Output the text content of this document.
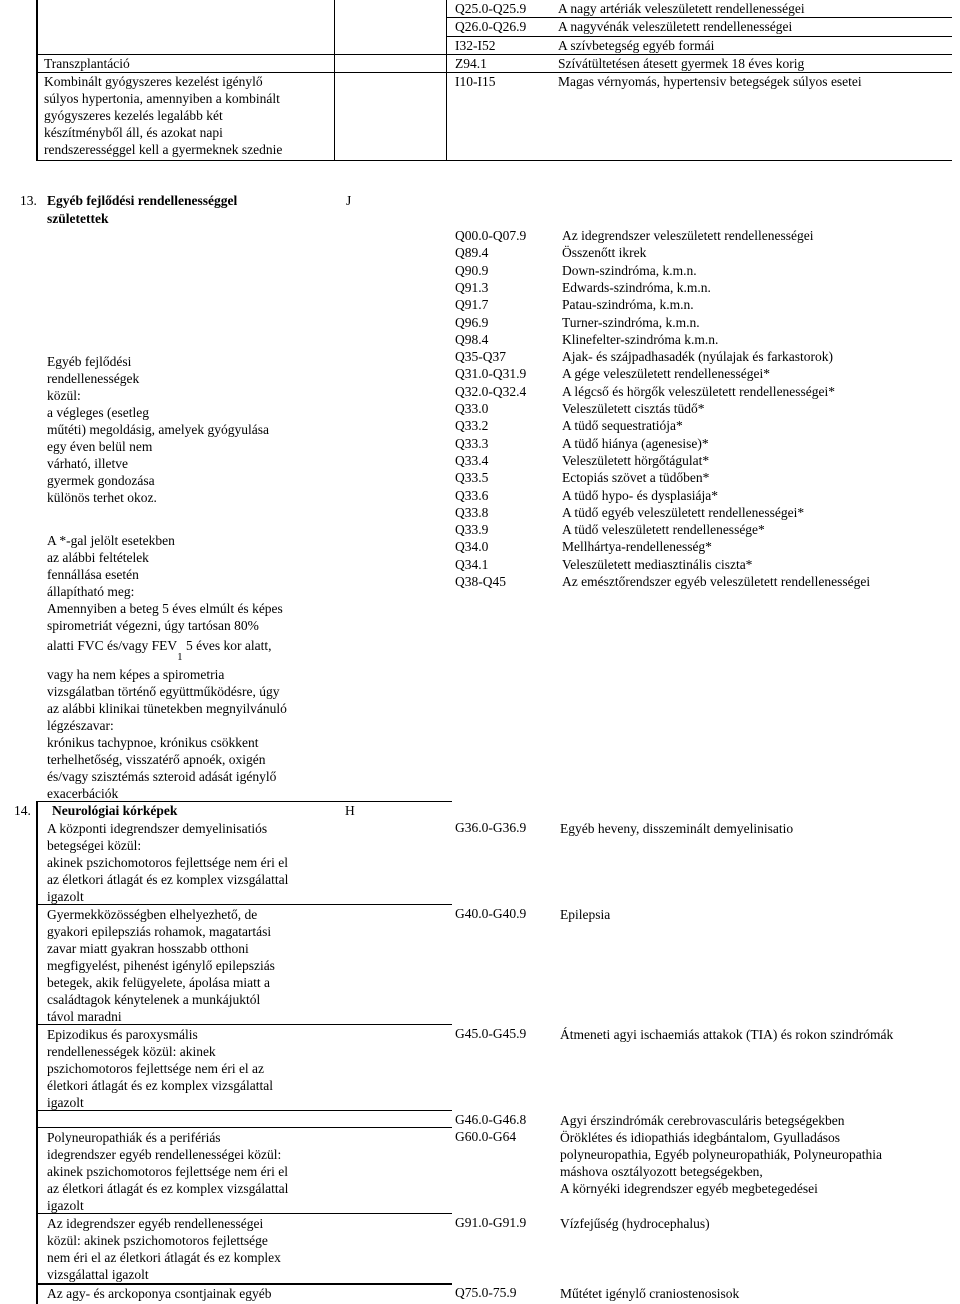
Q25.0-Q25.9 A nagy artériák veleszületett rendellenességei
Q26.0-Q26.9 A nagyvénák veleszületett rendellenességei
I32-I52	A szívbetegség egyéb formái
Transzplantáció	Z94.1	Szívátültetésen átesett gyermek 18 éves korig
Kombinált gyógyszeres kezelést igénylő
súlyos hypertonia, amennyiben a kombinált
gyógyszeres kezelés legalább két
készítményből áll, és azokat napi
rendszerességgel kell a gyermeknek szednie
I10-I15	Magas vérnyomás, hypertensiv betegségek súlyos esetei
13. Egyéb fejlődési rendellenességgel
születettek
J
Egyéb fejlődési
rendellenességek
közül:
a végleges (esetleg
műtéti) megoldásig, amelyek gyógyulása
egy éven belül nem
várható, illetve
gyermek gondozása
különös terhet okoz.
A *-gal jelölt esetekben
az alábbi feltételek
fennállása esetén
állapítható meg:
Amennyiben a beteg 5 éves elmúlt és képes
spirometriát végezni, úgy tartósan 80%
alatti FVC és/vagy $FEV_1$ 5 éves kor alatt,
vagy ha nem képes a spirometria
vizsgálatban történő együttműködésre, úgy
az alábbi klinikai tünetekben megnyilvánuló
légzészavar:
krónikus tachypnoe, krónikus csökkent
terhelhetőség, visszatérő apnoék, oxigén
és/vagy szisztémás szteroid adását igénylő
exacerbációk
Q00.0-Q07.9	Az idegrendszer veleszületett rendellenességei
Q89.4	Összenőtt ikrek
Q90.9	Down-szindróma, k.m.n.
Q91.3	Edwards-szindróma, k.m.n.
Q91.7	Patau-szindróma, k.m.n.
Q96.9	Turner-szindróma, k.m.n.
Q98.4	Klinefelter-szindróma k.m.n.
Q35-Q37	Ajak- és szájpadhasadék (nyúlajak és farkastorok)
Q31.0-Q31.9	A gége veleszületett rendellenességei*
Q32.0-Q32.4	A légcső és hörgők veleszületett rendellenességei*
Q33.0	Veleszületett cisztás tüdő*
Q33.2	A tüdő sequestratiója*
Q33.3	A tüdő hiánya (agenesise)*
Q33.4	Veleszületett hörgőtágulat*
Q33.5	Ectopiás szövet a tüdőben*
Q33.6	A tüdő hypo- és dysplasiája*
Q33.8	A tüdő egyéb veleszületett rendellenességei*
Q33.9	A tüdő veleszületett rendellenessége*
Q34.0	Mellhártya-rendellenesség*
Q34.1	Veleszületett mediasztinális ciszta*
Q38-Q45	Az emésztőrendszer egyéb veleszületett rendellenességei
14. Neurológiai kórképek	H
A központi idegrendszer demyelinisatiós
betegségei közül:
akinek pszichomotoros fejlettsége nem éri el
az életkori átlagát és ez komplex vizsgálattal
igazolt
G36.0-G36.9	Egyéb heveny, disszeminált demyelinisatio
Gyermekközösségben elhelyezhető, de
gyakori epilepsziás rohamok, magatartási
zavar miatt gyakran hosszabb otthoni
megfigyelést, pihenést igénylő epilepsziás
betegek, akik felügyelete, ápolása miatt a
családtagok kénytelenek a munkájuktól
távol maradni
G40.0-G40.9	Epilepsia
Epizodikus és paroxysmális
rendellenességek közül: akinek
pszichomotoros fejlettsége nem éri el az
életkori átlagát és ez komplex vizsgálattal
igazolt
G45.0-G45.9	Átmeneti agyi ischaemiás attakok (TIA) és rokon szindrómák
G46.0-G46.8	Agyi érszindrómák cerebrovasculáris betegségekben
Polyneuropathiák és a perifériás
idegrendszer egyéb rendellenességei közül:
akinek pszichomotoros fejlettsége nem éri el
az életkori átlagát és ez komplex vizsgálattal
igazolt
G60.0-G64	Öröklétes és idiopathiás idegbántalom, Gyulladásos
polyneuropathia, Egyéb polyneuropathiák, Polyneuropathia
máshova osztályozott betegségekben,
A környéki idegrendszer egyéb megbetegedései
Az idegrendszer egyéb rendellenességei
közül: akinek pszichomotoros fejlettsége
nem éri el az életkori átlagát és ez komplex
vizsgálattal igazolt
G91.0-G91.9	Vízfejűség (hydrocephalus)
Az agy- és arckoponya csontjainak egyéb	Q75.0-75.9	Műtétet igénylő craniostenosisok
